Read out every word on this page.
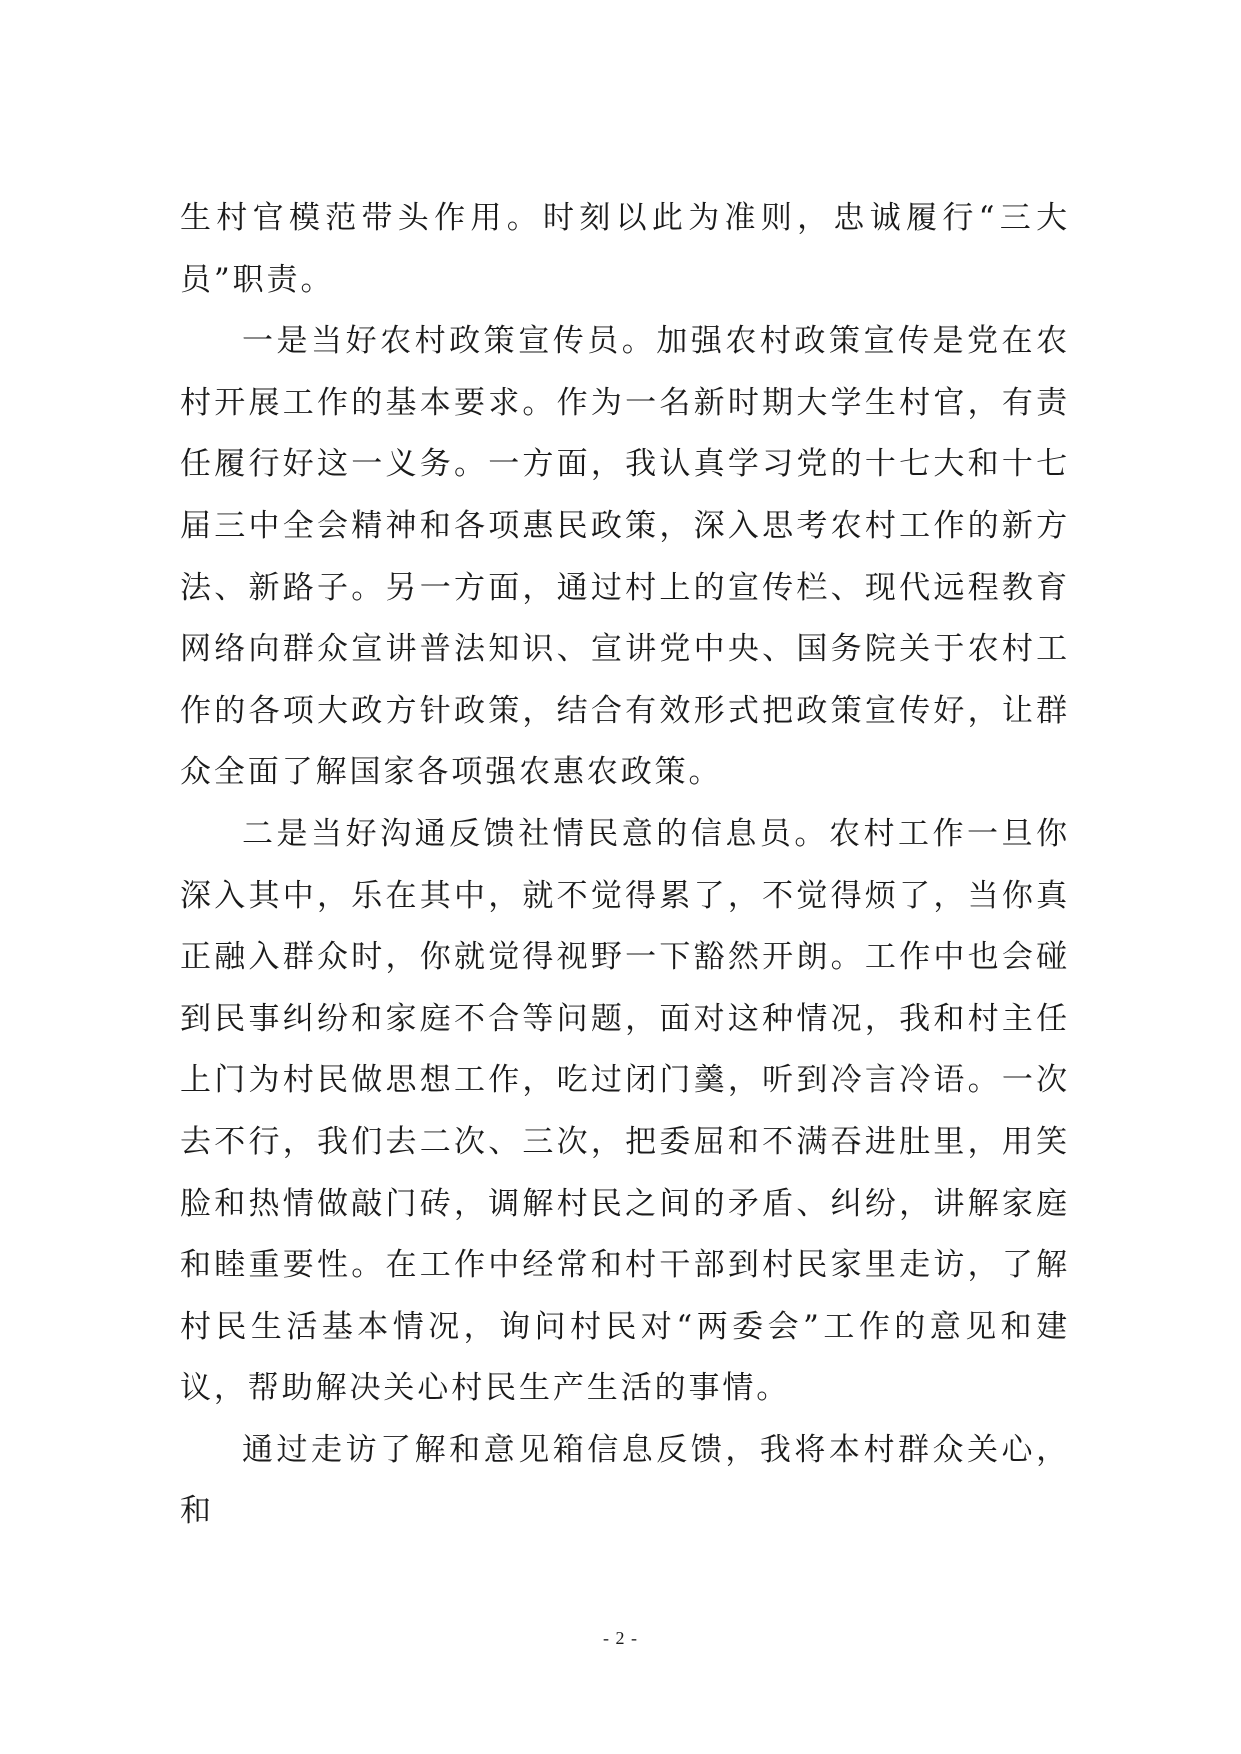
生村官模范带头作用。时刻以此为准则，忠诚履行“三大员”职责。

一是当好农村政策宣传员。加强农村政策宣传是党在农村开展工作的基本要求。作为一名新时期大学生村官，有责任履行好这一义务。一方面，我认真学习党的十七大和十七届三中全会精神和各项惠民政策，深入思考农村工作的新方法、新路子。另一方面，通过村上的宣传栏、现代远程教育网络向群众宣讲普法知识、宣讲党中央、国务院关于农村工作的各项大政方针政策，结合有效形式把政策宣传好，让群众全面了解国家各项强农惠农政策。

二是当好沟通反馈社情民意的信息员。农村工作一旦你深入其中，乐在其中，就不觉得累了，不觉得烦了，当你真正融入群众时，你就觉得视野一下豁然开朗。工作中也会碰到民事纠纷和家庭不合等问题，面对这种情况，我和村主任上门为村民做思想工作，吃过闭门羹，听到冷言冷语。一次去不行，我们去二次、三次，把委屈和不满吞进肚里，用笑脸和热情做敲门砖，调解村民之间的矛盾、纠纷，讲解家庭和睦重要性。在工作中经常和村干部到村民家里走访，了解村民生活基本情况，询问村民对“两委会”工作的意见和建议，帮助解决关心村民生产生活的事情。

通过走访了解和意见箱信息反馈，我将本村群众关心，和

- 2 -
